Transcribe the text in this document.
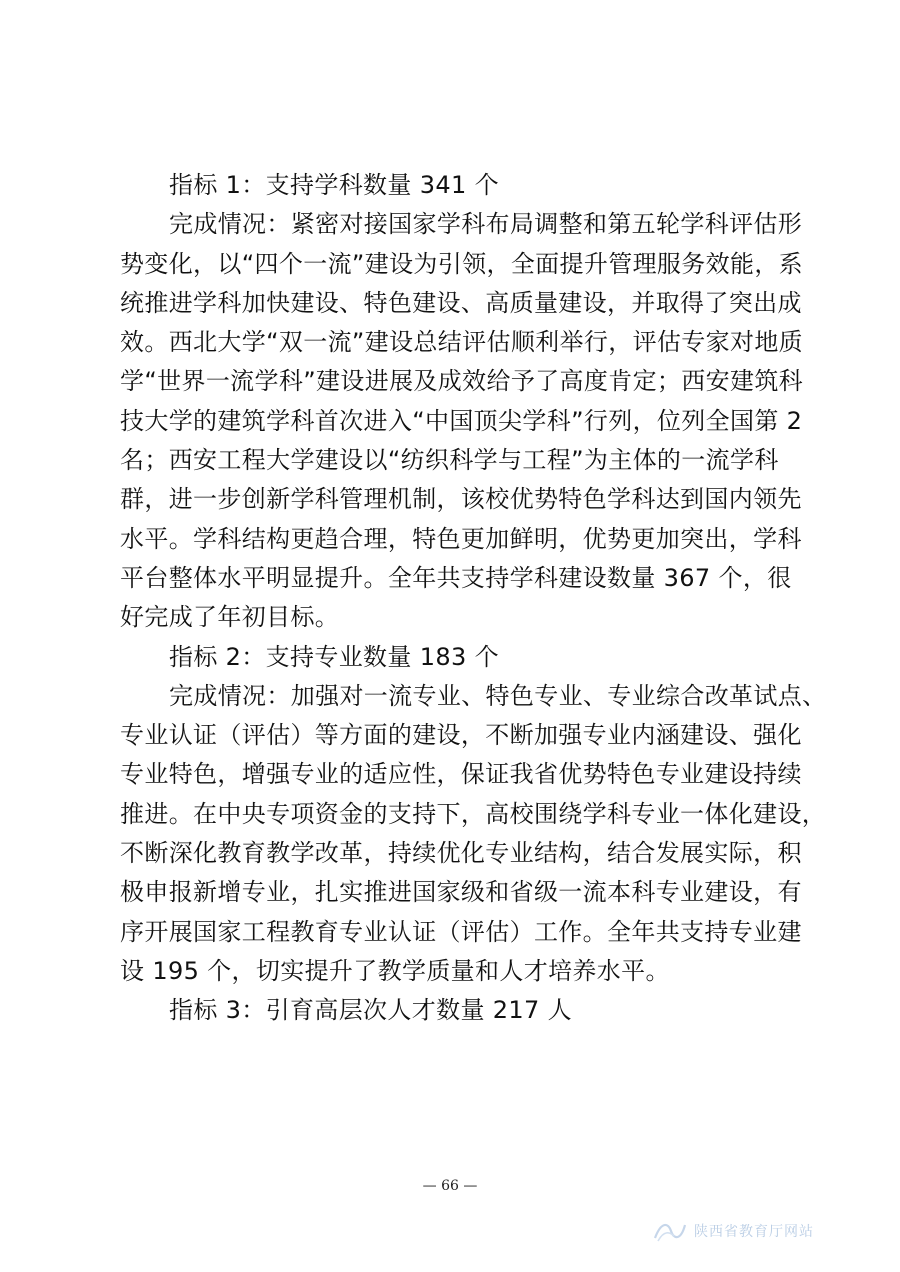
指标 1：支持学科数量 341 个

完成情况：紧密对接国家学科布局调整和第五轮学科评估形

势变化，以“四个一流”建设为引领，全面提升管理服务效能，系

统推进学科加快建设、特色建设、高质量建设，并取得了突出成

效。西北大学“双一流”建设总结评估顺利举行，评估专家对地质

学“世界一流学科”建设进展及成效给予了高度肯定；西安建筑科

技大学的建筑学科首次进入“中国顶尖学科”行列，位列全国第 2

名；西安工程大学建设以“纺织科学与工程”为主体的一流学科

群，进一步创新学科管理机制，该校优势特色学科达到国内领先

水平。学科结构更趋合理，特色更加鲜明，优势更加突出，学科

平台整体水平明显提升。全年共支持学科建设数量 367 个，很

好完成了年初目标。

指标 2：支持专业数量 183 个

完成情况：加强对一流专业、特色专业、专业综合改革试点、

专业认证（评估）等方面的建设，不断加强专业内涵建设、强化

专业特色，增强专业的适应性，保证我省优势特色专业建设持续

推进。在中央专项资金的支持下，高校围绕学科专业一体化建设，

不断深化教育教学改革，持续优化专业结构，结合发展实际，积

极申报新增专业，扎实推进国家级和省级一流本科专业建设，有

序开展国家工程教育专业认证（评估）工作。全年共支持专业建

设 195 个，切实提升了教学质量和人才培养水平。

指标 3：引育高层次人才数量 217 人

— 66 —
陕西省教育厅网站
